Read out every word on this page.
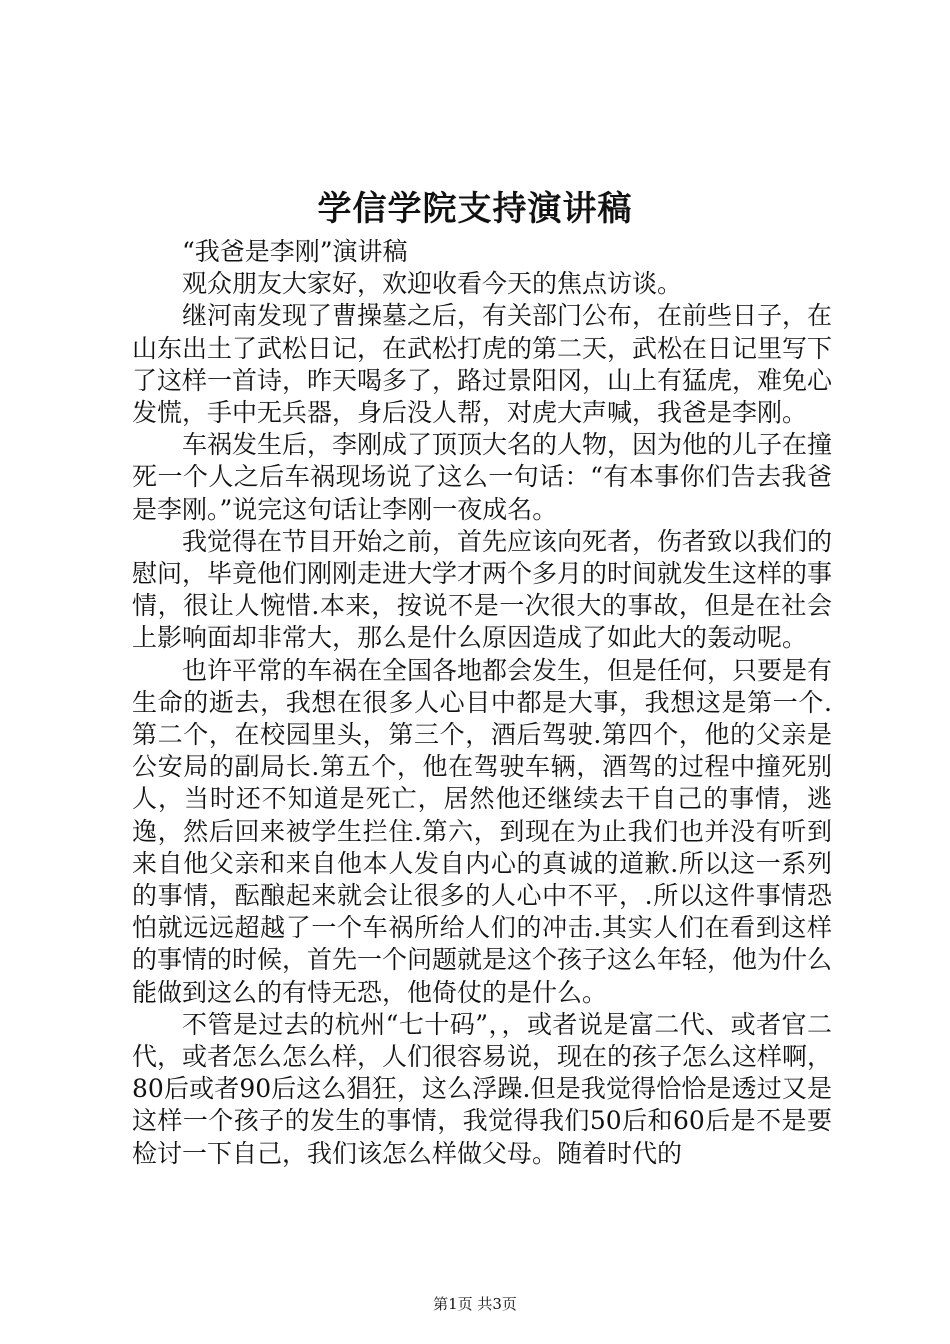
学信学院支持演讲稿

“我爸是李刚”演讲稿

观众朋友大家好，欢迎收看今天的焦点访谈。

继河南发现了曹操墓之后，有关部门公布，在前些日子，在山东出土了武松日记，在武松打虎的第二天，武松在日记里写下了这样一首诗，昨天喝多了，路过景阳冈，山上有猛虎，难免心发慌，手中无兵器，身后没人帮，对虎大声喊，我爸是李刚。

车祸发生后，李刚成了顶顶大名的人物，因为他的儿子在撞死一个人之后车祸现场说了这么一句话：“有本事你们告去我爸是李刚。”说完这句话让李刚一夜成名。

我觉得在节目开始之前，首先应该向死者，伤者致以我们的慰问，毕竟他们刚刚走进大学才两个多月的时间就发生这样的事情，很让人惋惜.本来，按说不是一次很大的事故，但是在社会上影响面却非常大，那么是什么原因造成了如此大的轰动呢。

也许平常的车祸在全国各地都会发生，但是任何，只要是有生命的逝去，我想在很多人心目中都是大事，我想这是第一个.第二个，在校园里头，第三个，酒后驾驶.第四个，他的父亲是公安局的副局长.第五个，他在驾驶车辆，酒驾的过程中撞死别人，当时还不知道是死亡，居然他还继续去干自己的事情，逃逸，然后回来被学生拦住.第六，到现在为止我们也并没有听到来自他父亲和来自他本人发自内心的真诚的道歉.所以这一系列的事情，酝酿起来就会让很多的人心中不平，.所以这件事情恐怕就远远超越了一个车祸所给人们的冲击.其实人们在看到这样的事情的时候，首先一个问题就是这个孩子这么年轻，他为什么能做到这么的有恃无恐，他倚仗的是什么。

不管是过去的杭州“七十码”，，或者说是富二代、或者官二代，或者怎么怎么样，人们很容易说，现在的孩子怎么这样啊，80后或者90后这么猖狂，这么浮躁.但是我觉得恰恰是透过又是这样一个孩子的发生的事情，我觉得我们50后和60后是不是要检讨一下自己，我们该怎么样做父母。随着时代的

第1页 共3页
